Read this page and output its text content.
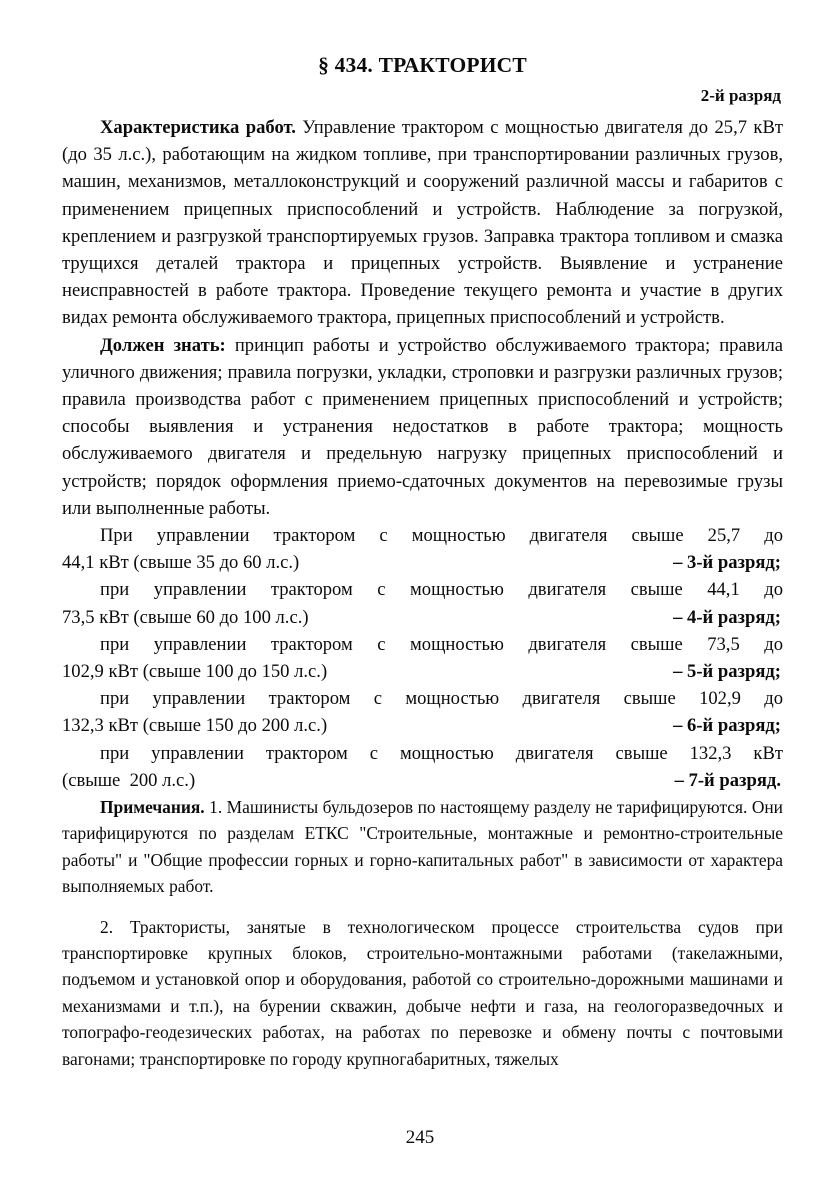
§ 434. ТРАКТОРИСТ
2-й разряд

Характеристика работ. Управление трактором с мощностью двигателя до 25,7 кВт (до 35 л.с.), работающим на жидком топливе, при транспортировании различных грузов, машин, механизмов, металлоконструкций и сооружений различной массы и габаритов с применением прицепных приспособлений и устройств. Наблюдение за погрузкой, креплением и разгрузкой транспортируемых грузов. Заправка трактора топливом и смазка трущихся деталей трактора и прицепных устройств. Выявление и устранение неисправностей в работе трактора. Проведение текущего ремонта и участие в других видах ремонта обслуживаемого трактора, прицепных приспособлений и устройств.

Должен знать: принцип работы и устройство обслуживаемого трактора; правила уличного движения; правила погрузки, укладки, строповки и разгрузки различных грузов; правила производства работ с применением прицепных приспособлений и устройств; способы выявления и устранения недостатков в работе трактора; мощность обслуживаемого двигателя и предельную нагрузку прицепных приспособлений и устройств; порядок оформления приемо-сдаточных документов на перевозимые грузы или выполненные работы.

При управлении трактором с мощностью двигателя свыше 25,7 до
44,1 кВт (свыше 35 до 60 л.с.)	– 3-й разряд;
при управлении трактором с мощностью двигателя свыше 44,1 до
73,5 кВт (свыше 60 до 100 л.с.)	– 4-й разряд;
при управлении трактором с мощностью двигателя свыше 73,5 до
102,9 кВт (свыше 100 до 150 л.с.)	– 5-й разряд;
при управлении трактором с мощностью двигателя свыше 102,9 до
132,3 кВт (свыше 150 до 200 л.с.)	– 6-й разряд;
при управлении трактором с мощностью двигателя свыше 132,3 кВт
(свыше  200 л.с.)	– 7-й разряд.

Примечания. 1. Машинисты бульдозеров по настоящему разделу не тарифицируются. Они тарифицируются по разделам ЕТКС "Строительные, монтажные и ремонтно-строительные работы" и "Общие профессии горных и горно-капитальных работ" в зависимости от характера выполняемых работ.

2. Трактористы, занятые в технологическом процессе строительства судов при транспортировке крупных блоков, строительно-монтажными работами (такелажными, подъемом и установкой опор и оборудования, работой со строительно-дорожными машинами и механизмами и т.п.), на бурении скважин, добыче нефти и газа, на геологоразведочных и топографо-геодезических работах, на работах по перевозке и обмену почты с почтовыми вагонами; транспортировке по городу крупногабаритных, тяжелых

245
